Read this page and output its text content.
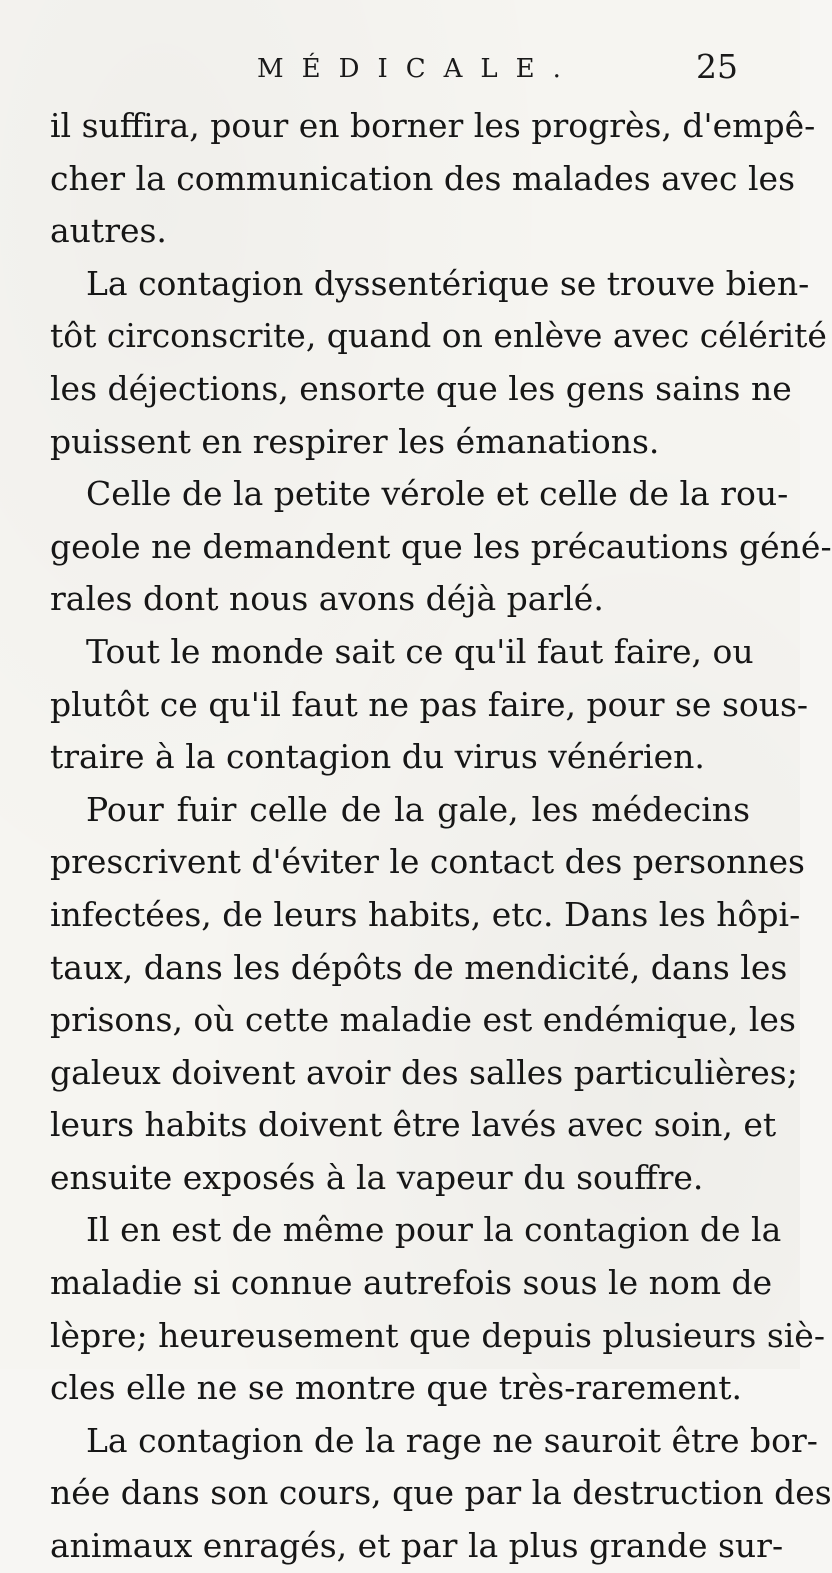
MÉDICALE.	25
il suffira, pour en borner les progrès, d'empê-
cher la communication des malades avec les
autres.
La contagion dyssentérique se trouve bien-
tôt circonscrite, quand on enlève avec célérité
les déjections, ensorte que les gens sains ne
puissent en respirer les émanations.
Celle de la petite vérole et celle de la rou-
geole ne demandent que les précautions géné-
rales dont nous avons déjà parlé.
Tout le monde sait ce qu'il faut faire, ou
plutôt ce qu'il faut ne pas faire, pour se sous-
traire à la contagion du virus vénérien.
Pour fuir celle de la gale, les médecins
prescrivent d'éviter le contact des personnes
infectées, de leurs habits, etc. Dans les hôpi-
taux, dans les dépôts de mendicité, dans les
prisons, où cette maladie est endémique, les
galeux doivent avoir des salles particulières;
leurs habits doivent être lavés avec soin, et
ensuite exposés à la vapeur du souffre.
Il en est de même pour la contagion de la
maladie si connue autrefois sous le nom de
lèpre; heureusement que depuis plusieurs siè-
cles elle ne se montre que très-rarement.
La contagion de la rage ne sauroit être bor-
née dans son cours, que par la destruction des
animaux enragés, et par la plus grande sur-
